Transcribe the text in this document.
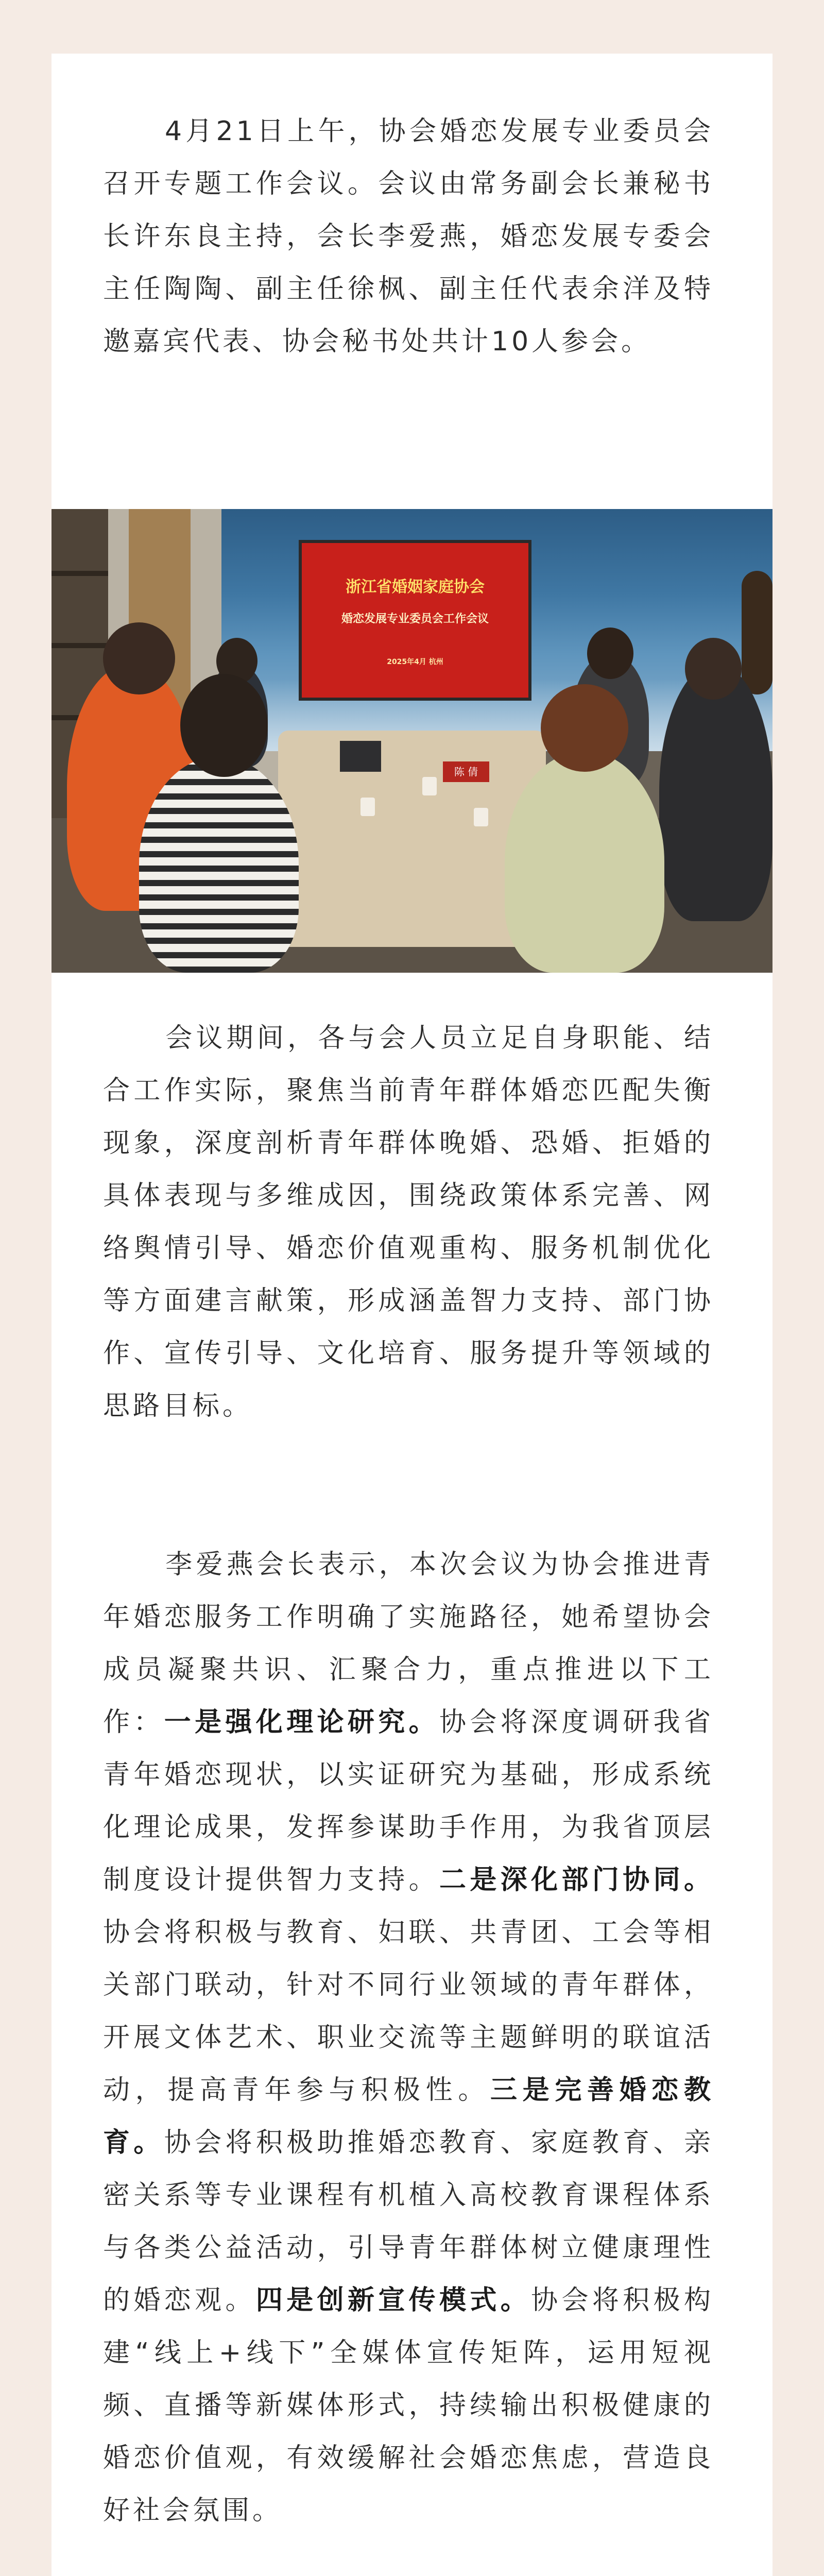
4月21日上午，协会婚恋发展专业委员会召开专题工作会议。会议由常务副会长兼秘书长许东良主持，会长李爱燕，婚恋发展专委会主任陶陶、副主任徐枫、副主任代表余洋及特邀嘉宾代表、协会秘书处共计10人参会。

浙江省婚姻家庭协会
婚恋发展专业委员会工作会议
2025年4月 杭州
陈 倩

会议期间，各与会人员立足自身职能、结合工作实际，聚焦当前青年群体婚恋匹配失衡现象，深度剖析青年群体晚婚、恐婚、拒婚的具体表现与多维成因，围绕政策体系完善、网络舆情引导、婚恋价值观重构、服务机制优化等方面建言献策，形成涵盖智力支持、部门协作、宣传引导、文化培育、服务提升等领域的思路目标。

李爱燕会长表示，本次会议为协会推进青年婚恋服务工作明确了实施路径，她希望协会成员凝聚共识、汇聚合力，重点推进以下工作：一是强化理论研究。协会将深度调研我省青年婚恋现状，以实证研究为基础，形成系统化理论成果，发挥参谋助手作用，为我省顶层制度设计提供智力支持。二是深化部门协同。协会将积极与教育、妇联、共青团、工会等相关部门联动，针对不同行业领域的青年群体，开展文体艺术、职业交流等主题鲜明的联谊活动，提高青年参与积极性。三是完善婚恋教育。协会将积极助推婚恋教育、家庭教育、亲密关系等专业课程有机植入高校教育课程体系与各类公益活动，引导青年群体树立健康理性的婚恋观。四是创新宣传模式。协会将积极构建“线上+线下”全媒体宣传矩阵，运用短视频、直播等新媒体形式，持续输出积极健康的婚恋价值观，有效缓解社会婚恋焦虑，营造良好社会氛围。
